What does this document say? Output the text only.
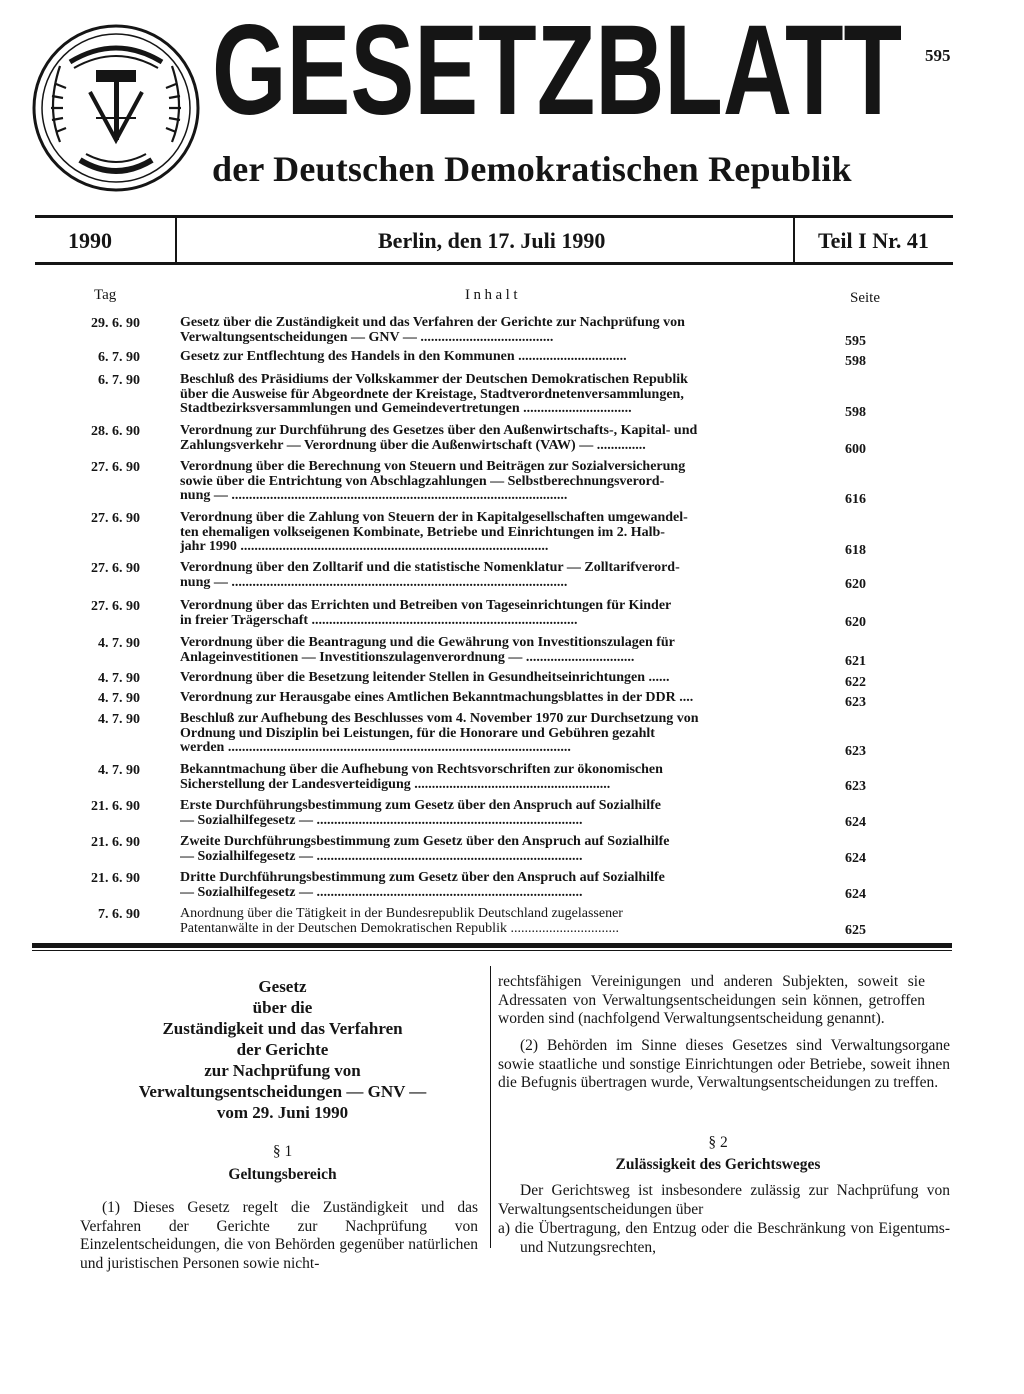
GESETZBLATT
der Deutschen Demokratischen Republik
595
1990	Berlin, den 17. Juli 1990	Teil I Nr. 41
Tag	Inhalt	Seite
29. 6. 90	Gesetz über die Zuständigkeit und das Verfahren der Gerichte zur Nachprüfung von
Verwaltungsentscheidungen — GNV — ......................................	595
6. 7. 90	Gesetz zur Entflechtung des Handels in den Kommunen ...............................	598
6. 7. 90	Beschluß des Präsidiums der Volkskammer der Deutschen Demokratischen Republik
über die Ausweise für Abgeordnete der Kreistage, Stadtverordnetenversammlungen,
Stadtbezirksversammlungen und Gemeindevertretungen ...............................	598
28. 6. 90	Verordnung zur Durchführung des Gesetzes über den Außenwirtschafts-, Kapital- und
Zahlungsverkehr — Verordnung über die Außenwirtschaft (VAW) — ..............	600
27. 6. 90	Verordnung über die Berechnung von Steuern und Beiträgen zur Sozialversicherung
sowie über die Entrichtung von Abschlagzahlungen — Selbstberechnungsverord-
nung — ................................................................................................	616
27. 6. 90	Verordnung über die Zahlung von Steuern der in Kapitalgesellschaften umgewandel-
ten ehemaligen volkseigenen Kombinate, Betriebe und Einrichtungen im 2. Halb-
jahr 1990 ........................................................................................	618
27. 6. 90	Verordnung über den Zolltarif und die statistische Nomenklatur — Zolltarifverord-
nung — ................................................................................................	620
27. 6. 90	Verordnung über das Errichten und Betreiben von Tageseinrichtungen für Kinder
in freier Trägerschaft ............................................................................	620
4. 7. 90	Verordnung über die Beantragung und die Gewährung von Investitionszulagen für
Anlageinvestitionen — Investitionszulagenverordnung — ...............................	621
4. 7. 90	Verordnung über die Besetzung leitender Stellen in Gesundheitseinrichtungen ......	622
4. 7. 90	Verordnung zur Herausgabe eines Amtlichen Bekanntmachungsblattes in der DDR ....	623
4. 7. 90	Beschluß zur Aufhebung des Beschlusses vom 4. November 1970 zur Durchsetzung von
Ordnung und Disziplin bei Leistungen, für die Honorare und Gebühren gezahlt
werden ..................................................................................................	623
4. 7. 90	Bekanntmachung über die Aufhebung von Rechtsvorschriften zur ökonomischen
Sicherstellung der Landesverteidigung ........................................................	623
21. 6. 90	Erste Durchführungsbestimmung zum Gesetz über den Anspruch auf Sozialhilfe
— Sozialhilfegesetz — ............................................................................	624
21. 6. 90	Zweite Durchführungsbestimmung zum Gesetz über den Anspruch auf Sozialhilfe
— Sozialhilfegesetz — ............................................................................	624
21. 6. 90	Dritte Durchführungsbestimmung zum Gesetz über den Anspruch auf Sozialhilfe
— Sozialhilfegesetz — ............................................................................	624
7. 6. 90	Anordnung über die Tätigkeit in der Bundesrepublik Deutschland zugelassener
Patentanwälte in der Deutschen Demokratischen Republik ...............................	625
Gesetz
über die
Zuständigkeit und das Verfahren
der Gerichte
zur Nachprüfung von
Verwaltungsentscheidungen — GNV —
vom 29. Juni 1990
§ 1
Geltungsbereich
(1) Dieses Gesetz regelt die Zuständigkeit und das Verfahren der Gerichte zur Nachprüfung von Einzelentscheidungen, die von Behörden gegenüber natürlichen und juristischen Personen sowie nicht-
rechtsfähigen Vereinigungen und anderen Subjekten, soweit sie Adressaten von Verwaltungsentscheidungen sein können, getroffen worden sind (nachfolgend Verwaltungsentscheidung genannt).
(2) Behörden im Sinne dieses Gesetzes sind Verwaltungsorgane sowie staatliche und sonstige Einrichtungen oder Betriebe, soweit ihnen die Befugnis übertragen wurde, Verwaltungsentscheidungen zu treffen.
§ 2
Zulässigkeit des Gerichtsweges
Der Gerichtsweg ist insbesondere zulässig zur Nachprüfung von Verwaltungsentscheidungen über
a) die Übertragung, den Entzug oder die Beschränkung von Eigentums- und Nutzungsrechten,
